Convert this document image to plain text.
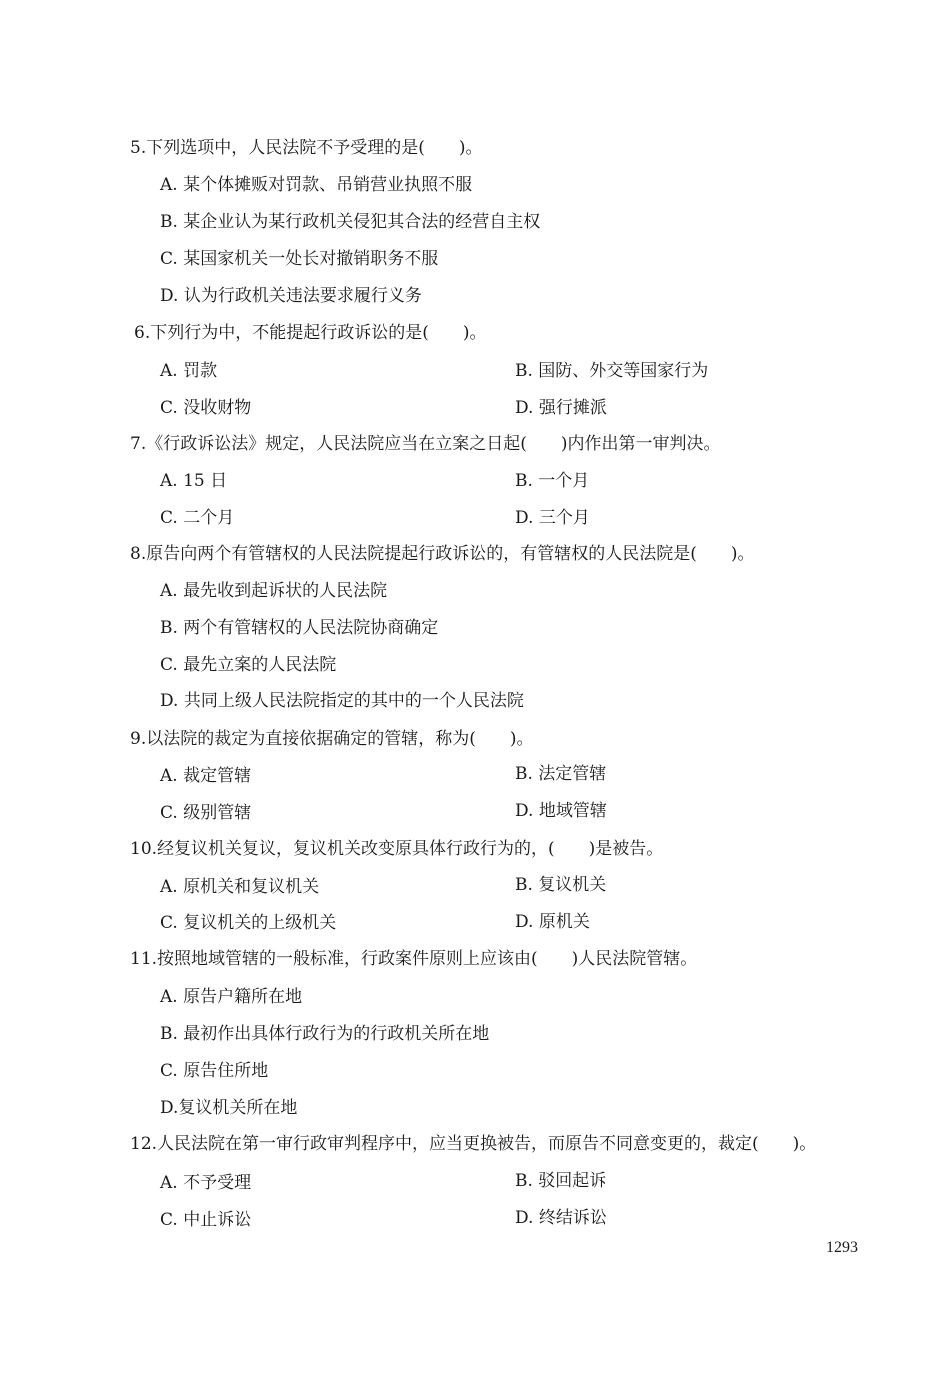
5.下列选项中，人民法院不予受理的是(　　)。
A. 某个体摊贩对罚款、吊销营业执照不服
B. 某企业认为某行政机关侵犯其合法的经营自主权
C. 某国家机关一处长对撤销职务不服
D. 认为行政机关违法要求履行义务
6.下列行为中，不能提起行政诉讼的是(　　)。
A. 罚款	B. 国防、外交等国家行为
C. 没收财物	D. 强行摊派
7.《行政诉讼法》规定，人民法院应当在立案之日起(　　)内作出第一审判决。
A. 15 日	B. 一个月
C. 二个月	D. 三个月
8.原告向两个有管辖权的人民法院提起行政诉讼的，有管辖权的人民法院是(　　)。
A. 最先收到起诉状的人民法院
B. 两个有管辖权的人民法院协商确定
C. 最先立案的人民法院
D. 共同上级人民法院指定的其中的一个人民法院
9.以法院的裁定为直接依据确定的管辖，称为(　　)。
A. 裁定管辖	B. 法定管辖
C. 级别管辖	D. 地域管辖
10.经复议机关复议，复议机关改变原具体行政行为的，(　　)是被告。
A. 原机关和复议机关	B. 复议机关
C. 复议机关的上级机关	D. 原机关
11.按照地域管辖的一般标准，行政案件原则上应该由(　　)人民法院管辖。
A. 原告户籍所在地
B. 最初作出具体行政行为的行政机关所在地
C. 原告住所地
D.复议机关所在地
12.人民法院在第一审行政审判程序中，应当更换被告，而原告不同意变更的，裁定(　　)。
A. 不予受理	B. 驳回起诉
C. 中止诉讼	D. 终结诉讼
1293
